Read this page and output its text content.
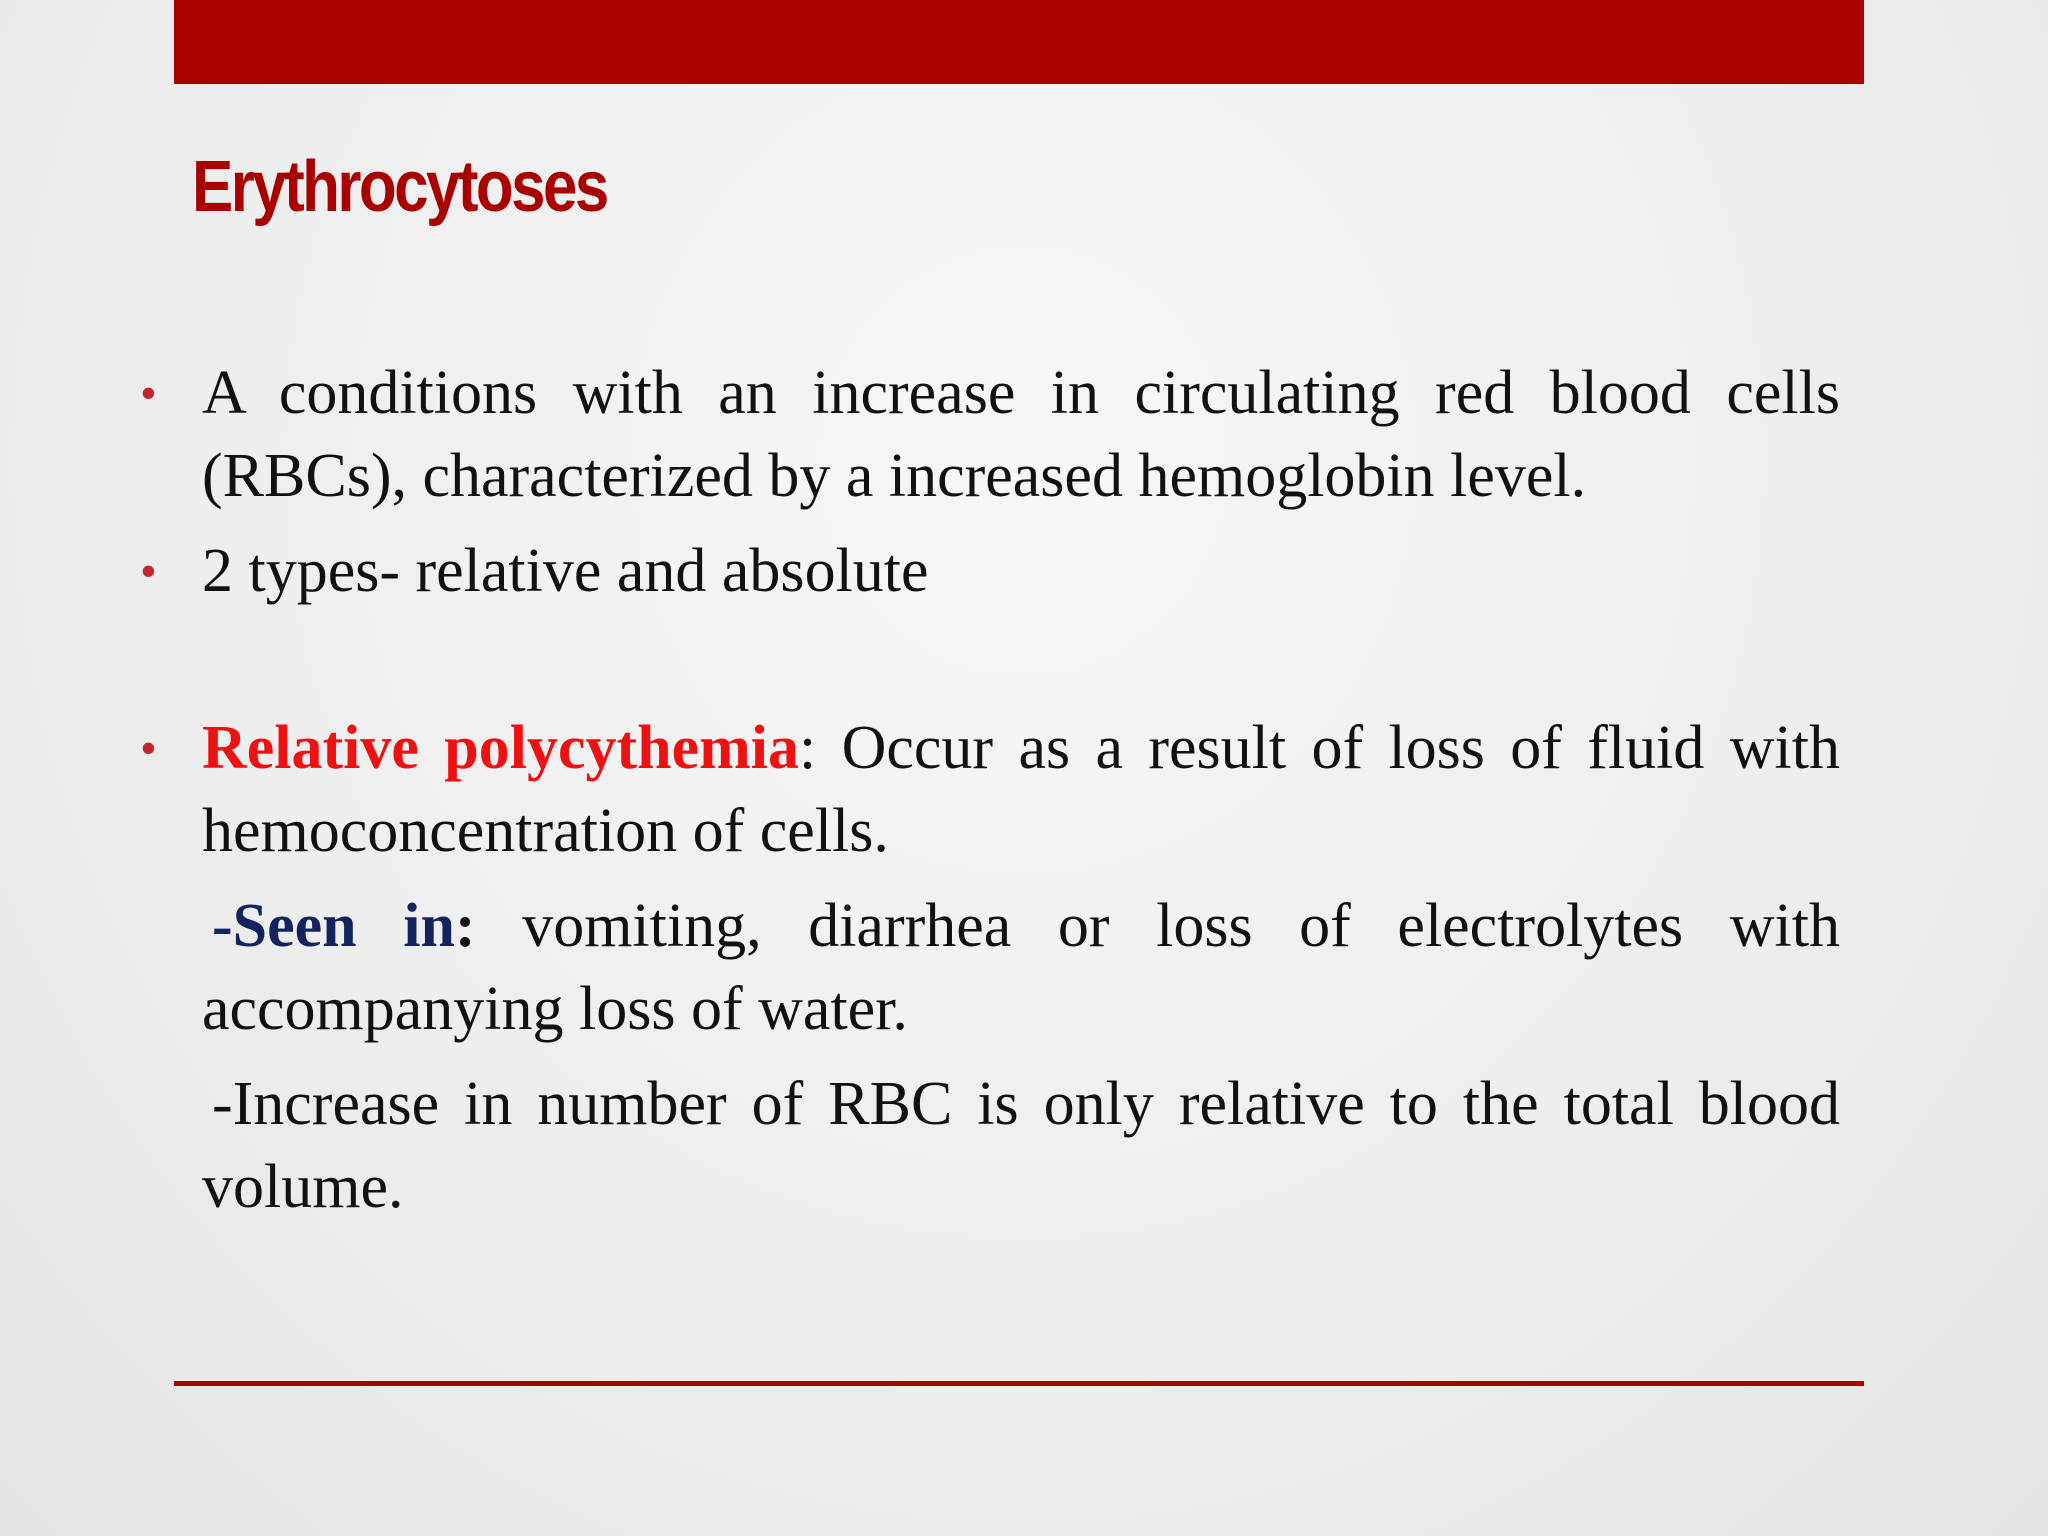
Erythrocytoses
• A conditions with an increase in circulating red blood cells (RBCs), characterized by a increased hemoglobin level.
• 2 types- relative and absolute
• Relative polycythemia: Occur as a result of loss of fluid with hemoconcentration of cells.
-Seen in: vomiting, diarrhea or loss of electrolytes with accompanying loss of water.
-Increase in number of RBC is only relative to the total blood volume.
